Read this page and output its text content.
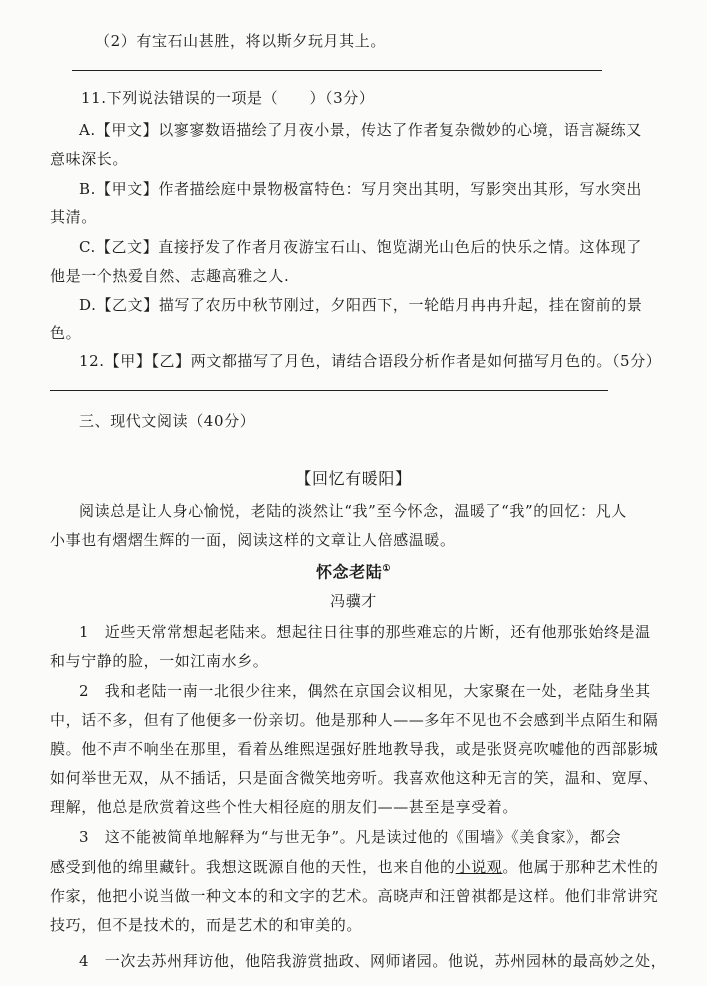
（2）有宝石山甚胜，将以斯夕玩月其上。
11.下列说法错误的一项是（　　）（3分）
A.【甲文】以寥寥数语描绘了月夜小景，传达了作者复杂微妙的心境，语言凝练又
意味深长。
B.【甲文】作者描绘庭中景物极富特色：写月突出其明，写影突出其形，写水突出
其清。
C.【乙文】直接抒发了作者月夜游宝石山、饱览湖光山色后的快乐之情。这体现了
他是一个热爱自然、志趣高雅之人.
D.【乙文】描写了农历中秋节刚过，夕阳西下，一轮皓月冉冉升起，挂在窗前的景
色。
12.【甲】【乙】两文都描写了月色，请结合语段分析作者是如何描写月色的。（5分）
三、现代文阅读（40分）
【回忆有暖阳】
阅读总是让人身心愉悦，老陆的淡然让“我”至今怀念，温暖了“我”的回忆：凡人
小事也有熠熠生辉的一面，阅读这样的文章让人倍感温暖。
怀念老陆①
冯骥才
1　近些天常常想起老陆来。想起往日往事的那些难忘的片断，还有他那张始终是温
和与宁静的脸，一如江南水乡。
2　我和老陆一南一北很少往来，偶然在京国会议相见，大家聚在一处，老陆身坐其
中，话不多，但有了他便多一份亲切。他是那种人——多年不见也不会感到半点陌生和隔
膜。他不声不响坐在那里，看着丛维熙逞强好胜地教导我，或是张贤亮吹嘘他的西部影城
如何举世无双，从不插话，只是面含微笑地旁听。我喜欢他这种无言的笑，温和、宽厚、
理解，他总是欣赏着这些个性大相径庭的朋友们——甚至是享受着。
3　这不能被简单地解释为“与世无争”。凡是读过他的《围墙》《美食家》，都会
感受到他的绵里藏针。我想这既源自他的天性，也来自他的小说观。他属于那种艺术性的
作家，他把小说当做一种文本的和文字的艺术。高晓声和汪曾祺都是这样。他们非常讲究
技巧，但不是技术的，而是艺术的和审美的。
4　一次去苏州拜访他，他陪我游赏拙政、网师诸园。他说，苏州园林的最高妙之处，
